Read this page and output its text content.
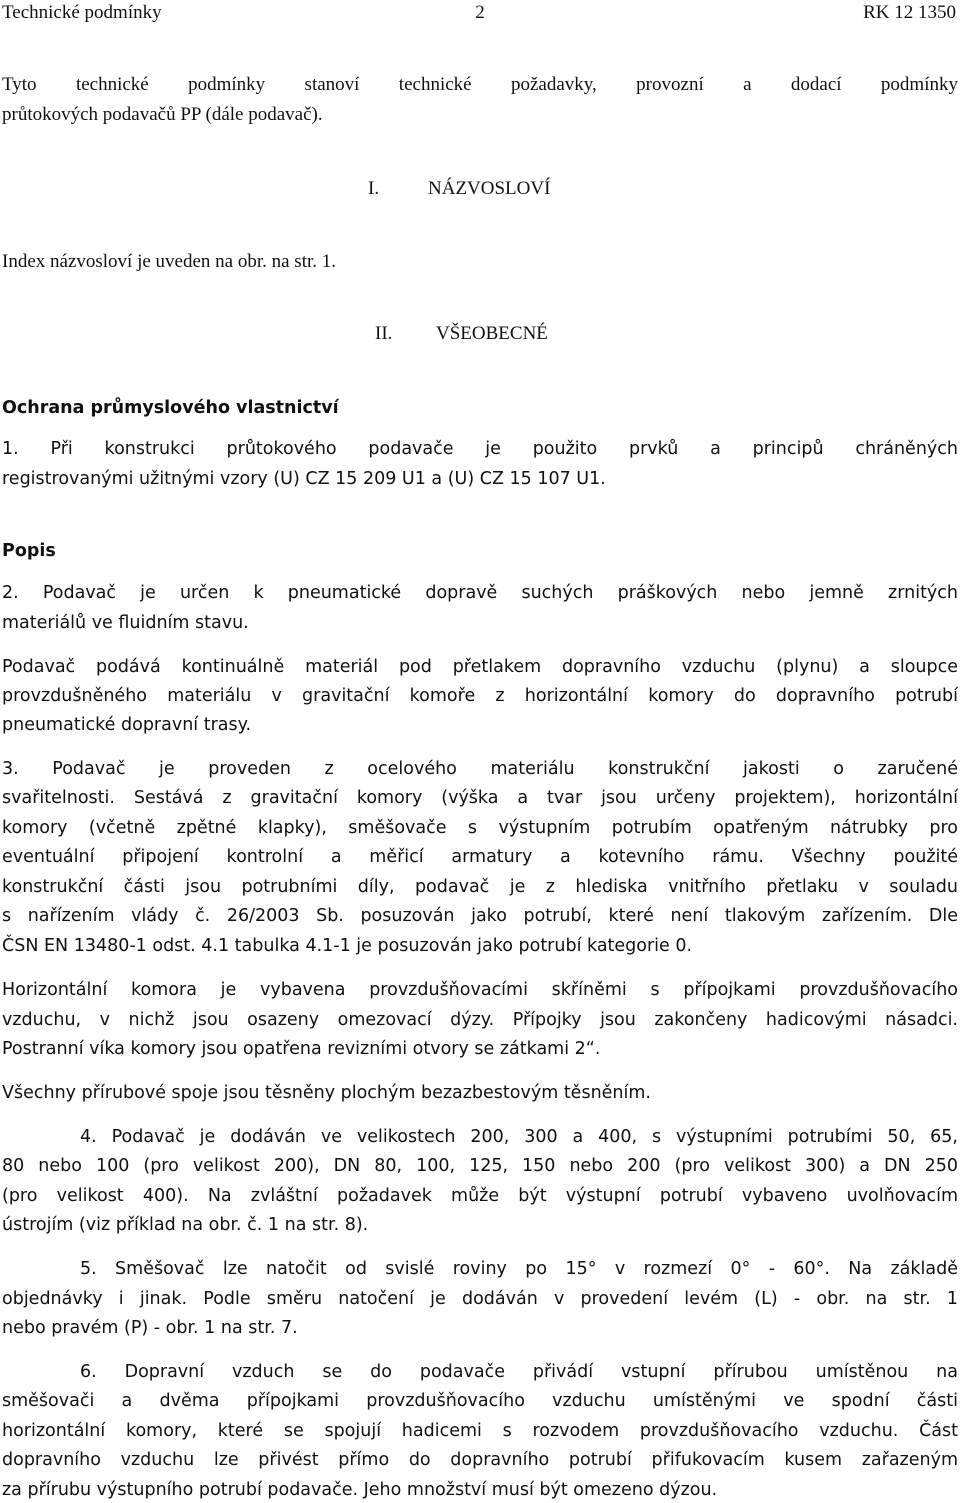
Technické podmínky	2	RK 12 1350
Tyto technické podmínky stanoví technické požadavky, provozní a dodací podmínky
průtokových podavačů PP (dále podavač).
I.	NÁZVOSLOVÍ
Index názvosloví je uveden na obr. na str. 1.
II. VŠEOBECNÉ
Ochrana průmyslového vlastnictví
1. Při konstrukci průtokového podavače je použito prvků a principů chráněných
registrovanými užitnými vzory (U) CZ 15 209 U1 a (U) CZ 15 107 U1.
Popis
2. Podavač je určen k pneumatické dopravě suchých práškových nebo jemně zrnitých
materiálů ve fluidním stavu.
Podavač podává kontinuálně materiál pod přetlakem dopravního vzduchu (plynu) a sloupce
provzdušněného materiálu v gravitační komoře z horizontální komory do dopravního potrubí
pneumatické dopravní trasy.
3. Podavač je proveden z ocelového materiálu konstrukční jakosti o zaručené
svařitelnosti. Sestává z gravitační komory (výška a tvar jsou určeny projektem), horizontální
komory (včetně zpětné klapky), směšovače s výstupním potrubím opatřeným nátrubky pro
eventuální připojení kontrolní a měřicí armatury a kotevního rámu. Všechny použité
konstrukční části jsou potrubními díly, podavač je z hlediska vnitřního přetlaku v souladu
s nařízením vlády č. 26/2003 Sb. posuzován jako potrubí, které není tlakovým zařízením. Dle
ČSN EN 13480-1 odst. 4.1 tabulka 4.1-1 je posuzován jako potrubí kategorie 0.
Horizontální komora je vybavena provzdušňovacími skříněmi s přípojkami provzdušňovacího
vzduchu, v nichž jsou osazeny omezovací dýzy. Přípojky jsou zakončeny hadicovými násadci.
Postranní víka komory jsou opatřena revizními otvory se zátkami 2“.
Všechny přírubové spoje jsou těsněny plochým bezazbestovým těsněním.
4. Podavač je dodáván ve velikostech 200, 300 a 400, s výstupními potrubími 50, 65,
80 nebo 100 (pro velikost 200), DN 80, 100, 125, 150 nebo 200 (pro velikost 300) a DN 250
(pro velikost 400). Na zvláštní požadavek může být výstupní potrubí vybaveno uvolňovacím
ústrojím (viz příklad na obr. č. 1 na str. 8).
5. Směšovač lze natočit od svislé roviny po 15° v rozmezí 0° - 60°. Na základě
objednávky i jinak. Podle směru natočení je dodáván v provedení levém (L) - obr. na str. 1
nebo pravém (P) - obr. 1 na str. 7.
6. Dopravní vzduch se do podavače přivádí vstupní přírubou umístěnou na
směšovači a dvěma přípojkami provzdušňovacího vzduchu umístěnými ve spodní části
horizontální komory, které se spojují hadicemi s rozvodem provzdušňovacího vzduchu. Část
dopravního vzduchu lze přivést přímo do dopravního potrubí přifukovacím kusem zařazeným
za přírubu výstupního potrubí podavače. Jeho množství musí být omezeno dýzou.
